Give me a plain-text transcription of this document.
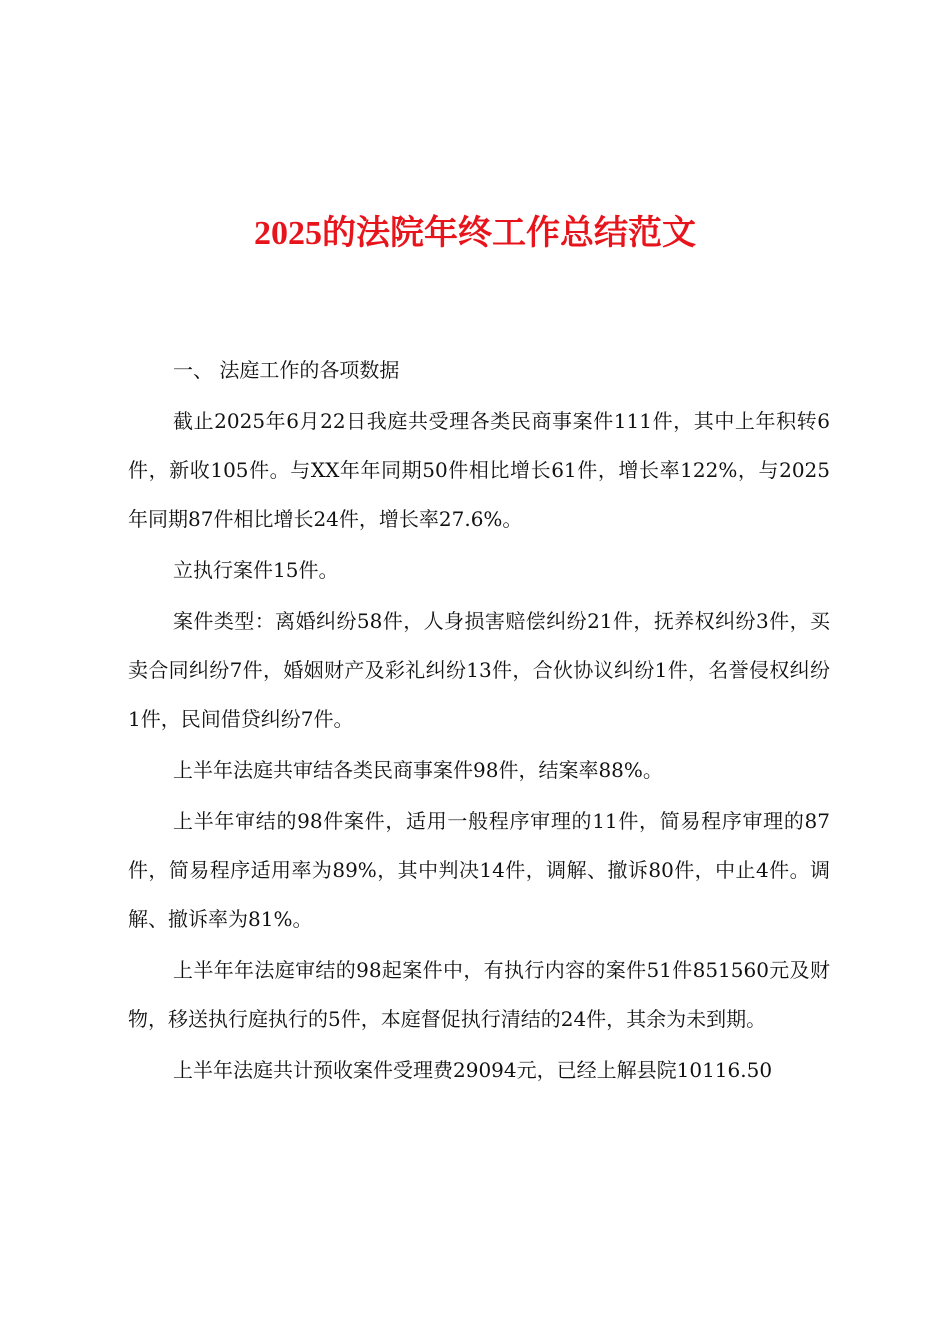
2025的法院年终工作总结范文

一、 法庭工作的各项数据

截止2025年6月22日我庭共受理各类民商事案件111件，其中上年积转6件，新收105件。与XX年年同期50件相比增长61件，增长率122%，与2025年同期87件相比增长24件，增长率27.6%。

立执行案件15件。

案件类型：离婚纠纷58件，人身损害赔偿纠纷21件，抚养权纠纷3件，买卖合同纠纷7件，婚姻财产及彩礼纠纷13件，合伙协议纠纷1件，名誉侵权纠纷1件，民间借贷纠纷7件。

上半年法庭共审结各类民商事案件98件，结案率88%。

上半年审结的98件案件，适用一般程序审理的11件，简易程序审理的87件，简易程序适用率为89%，其中判决14件，调解、撤诉80件，中止4件。调解、撤诉率为81%。

上半年年法庭审结的98起案件中，有执行内容的案件51件851560元及财物，移送执行庭执行的5件，本庭督促执行清结的24件，其余为未到期。

上半年法庭共计预收案件受理费29094元，已经上解县院10116.50
